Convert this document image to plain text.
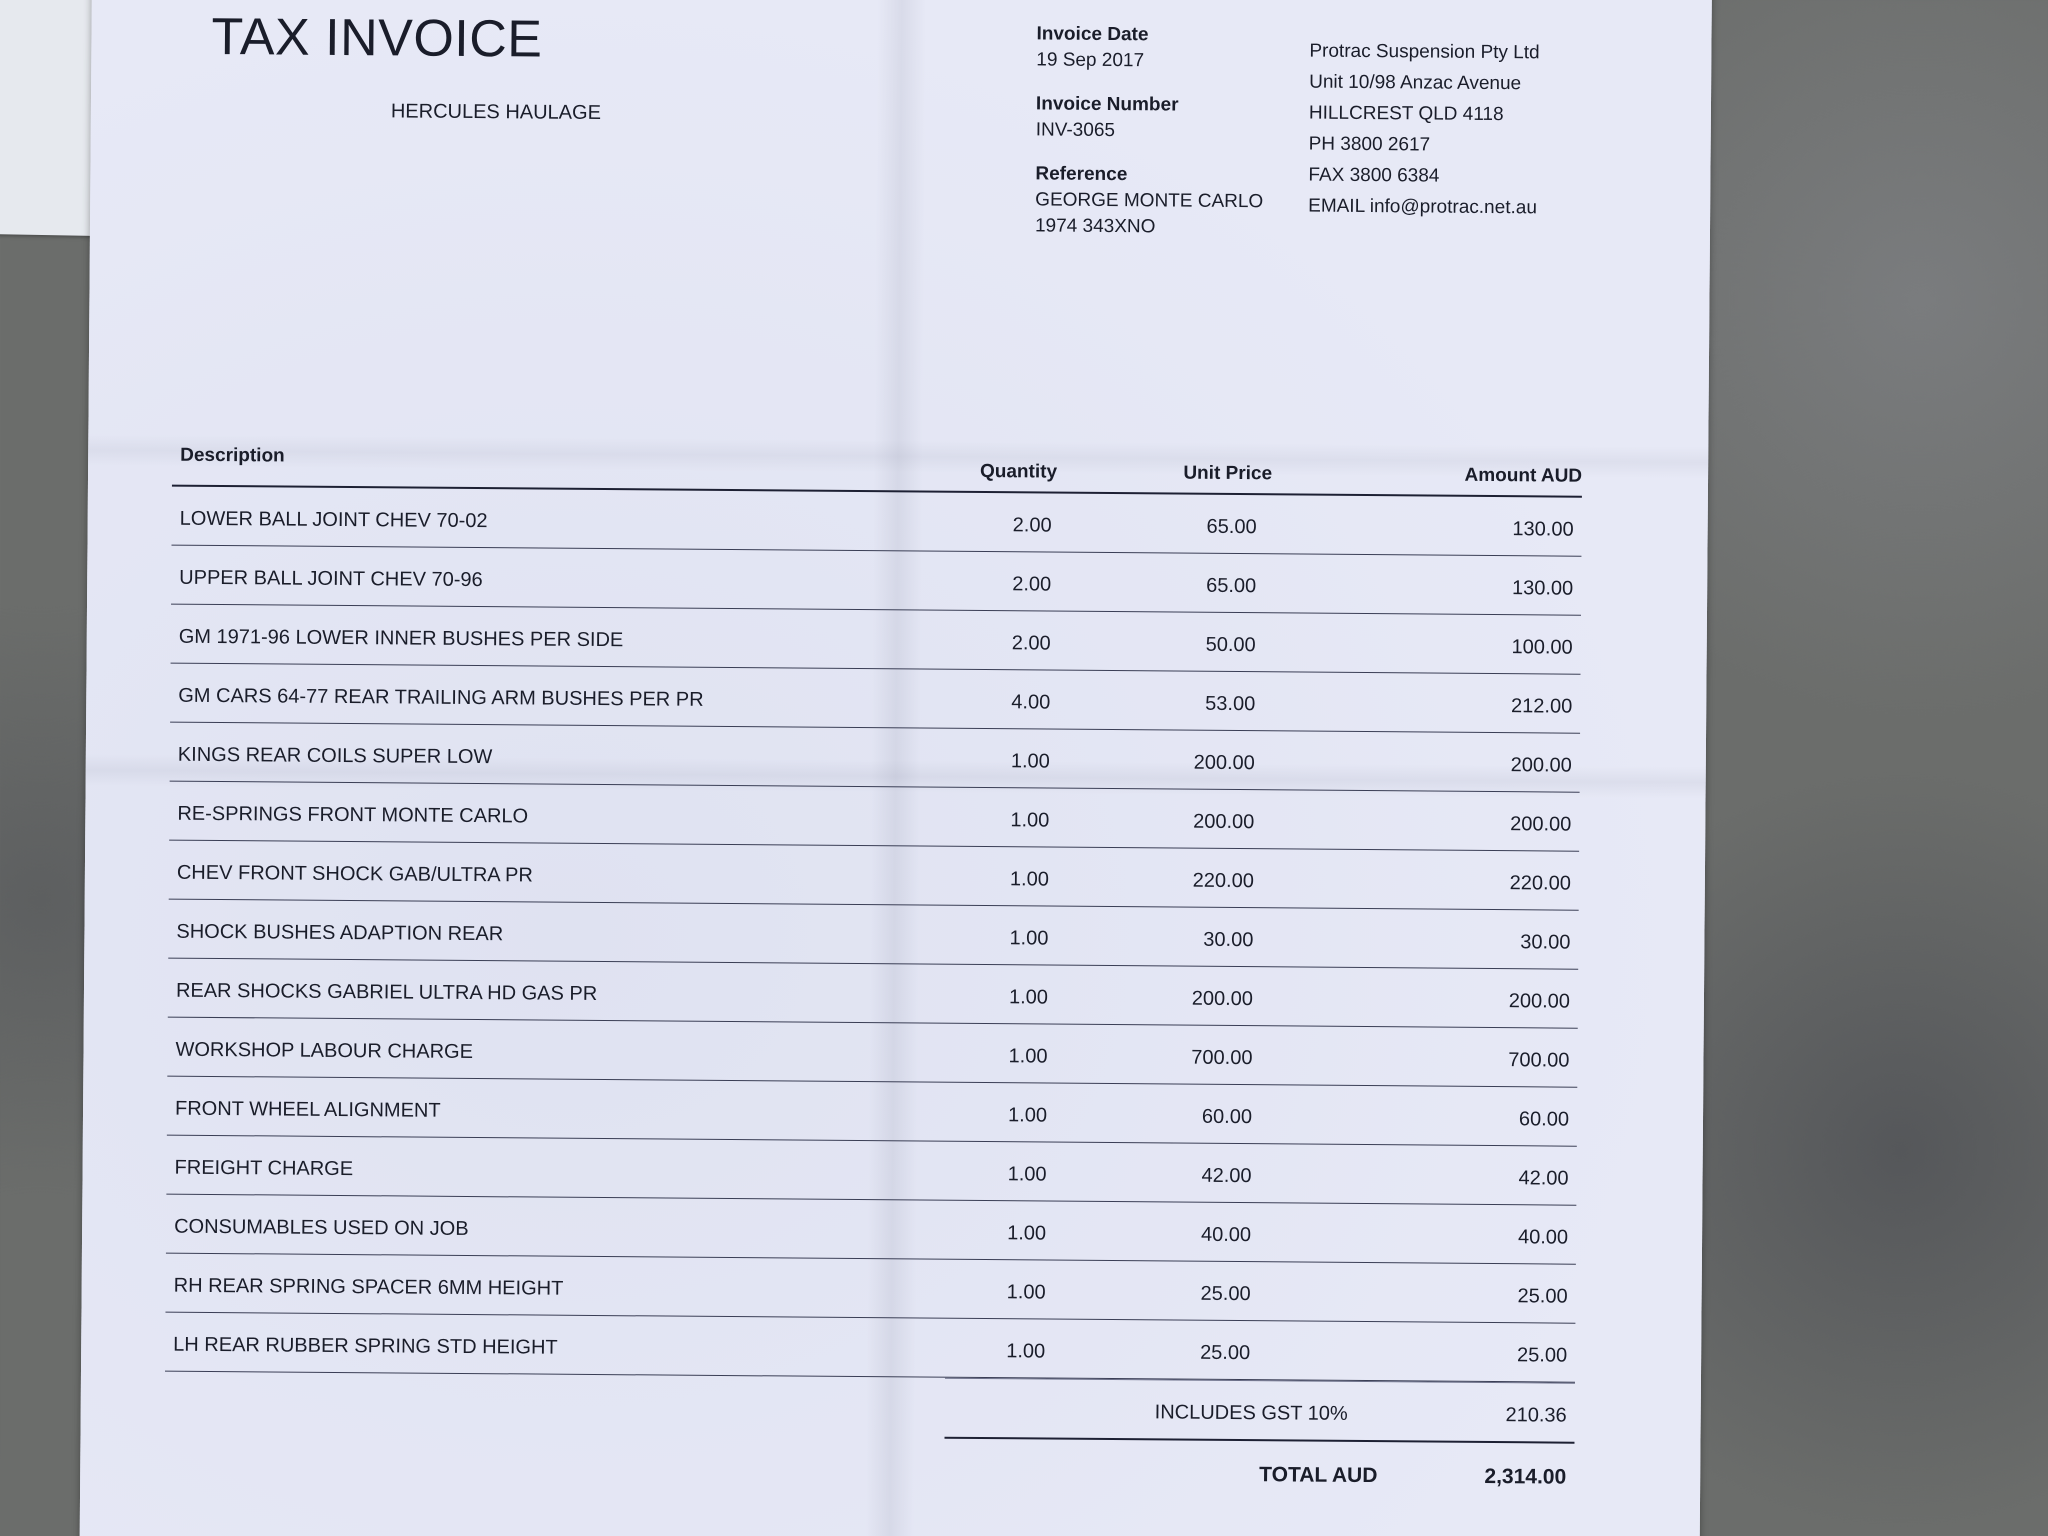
TAX INVOICE
HERCULES HAULAGE
Invoice Date
19 Sep 2017
Invoice Number
INV-3065
Reference
GEORGE MONTE CARLO
1974 343XNO
Protrac Suspension Pty Ltd
Unit 10/98 Anzac Avenue
HILLCREST QLD 4118
PH 3800 2617
FAX 3800 6384
EMAIL info@protrac.net.au
Description
Quantity	Unit Price	Amount AUD
LOWER BALL JOINT CHEV 70-02	2.00	65.00	130.00
UPPER BALL JOINT CHEV 70-96	2.00	65.00	130.00
GM 1971-96 LOWER INNER BUSHES PER SIDE	2.00	50.00	100.00
GM CARS 64-77 REAR TRAILING ARM BUSHES PER PR	4.00	53.00	212.00
KINGS REAR COILS SUPER LOW	1.00	200.00	200.00
RE-SPRINGS FRONT MONTE CARLO	1.00	200.00	200.00
CHEV FRONT SHOCK GAB/ULTRA PR	1.00	220.00	220.00
SHOCK BUSHES ADAPTION REAR	1.00	30.00	30.00
REAR SHOCKS GABRIEL ULTRA HD GAS PR	1.00	200.00	200.00
WORKSHOP LABOUR CHARGE	1.00	700.00	700.00
FRONT WHEEL ALIGNMENT	1.00	60.00	60.00
FREIGHT CHARGE	1.00	42.00	42.00
CONSUMABLES USED ON JOB	1.00	40.00	40.00
RH REAR SPRING SPACER 6MM HEIGHT	1.00	25.00	25.00
LH REAR RUBBER SPRING STD HEIGHT	1.00	25.00	25.00
INCLUDES GST 10%	210.36
TOTAL AUD	2,314.00
